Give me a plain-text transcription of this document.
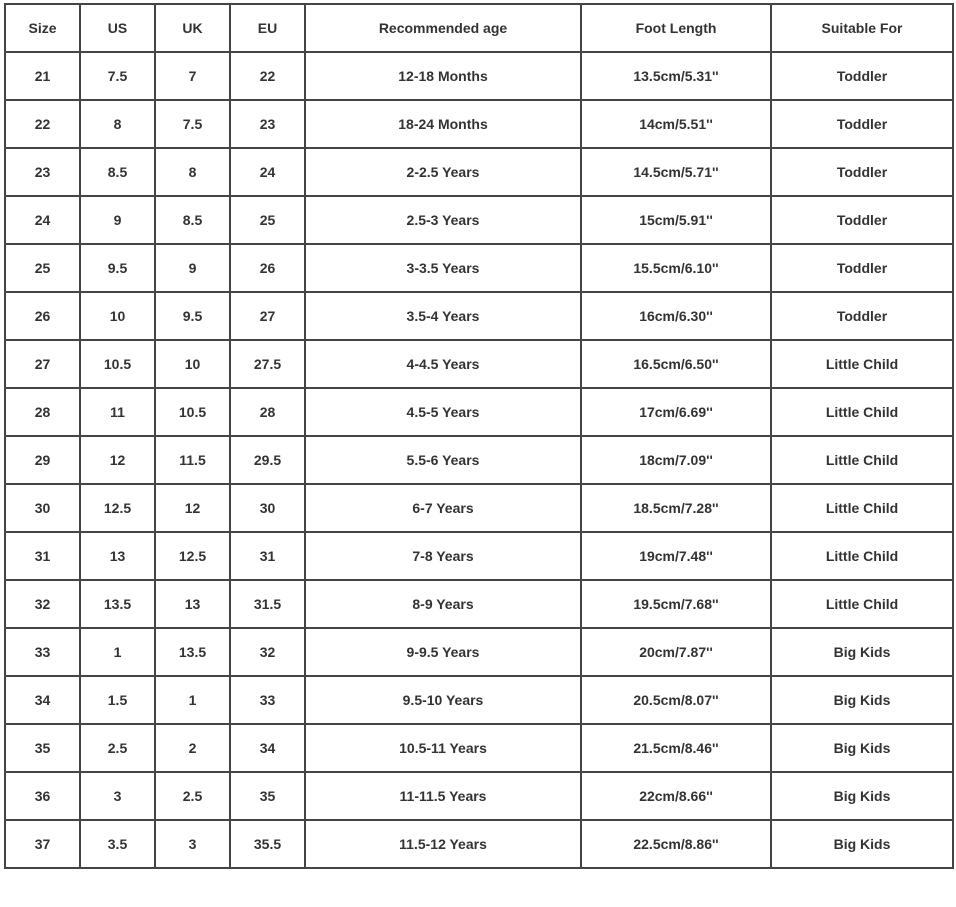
Size	US	UK	EU	Recommended age	Foot Length	Suitable For
21	7.5	7	22	12-18 Months	13.5cm/5.31''	Toddler
22	8	7.5	23	18-24 Months	14cm/5.51''	Toddler
23	8.5	8	24	2-2.5 Years	14.5cm/5.71''	Toddler
24	9	8.5	25	2.5-3 Years	15cm/5.91''	Toddler
25	9.5	9	26	3-3.5 Years	15.5cm/6.10''	Toddler
26	10	9.5	27	3.5-4 Years	16cm/6.30''	Toddler
27	10.5	10	27.5	4-4.5 Years	16.5cm/6.50''	Little Child
28	11	10.5	28	4.5-5 Years	17cm/6.69''	Little Child
29	12	11.5	29.5	5.5-6 Years	18cm/7.09''	Little Child
30	12.5	12	30	6-7 Years	18.5cm/7.28''	Little Child
31	13	12.5	31	7-8 Years	19cm/7.48''	Little Child
32	13.5	13	31.5	8-9 Years	19.5cm/7.68''	Little Child
33	1	13.5	32	9-9.5 Years	20cm/7.87''	Big Kids
34	1.5	1	33	9.5-10 Years	20.5cm/8.07''	Big Kids
35	2.5	2	34	10.5-11 Years	21.5cm/8.46''	Big Kids
36	3	2.5	35	11-11.5 Years	22cm/8.66''	Big Kids
37	3.5	3	35.5	11.5-12 Years	22.5cm/8.86''	Big Kids
